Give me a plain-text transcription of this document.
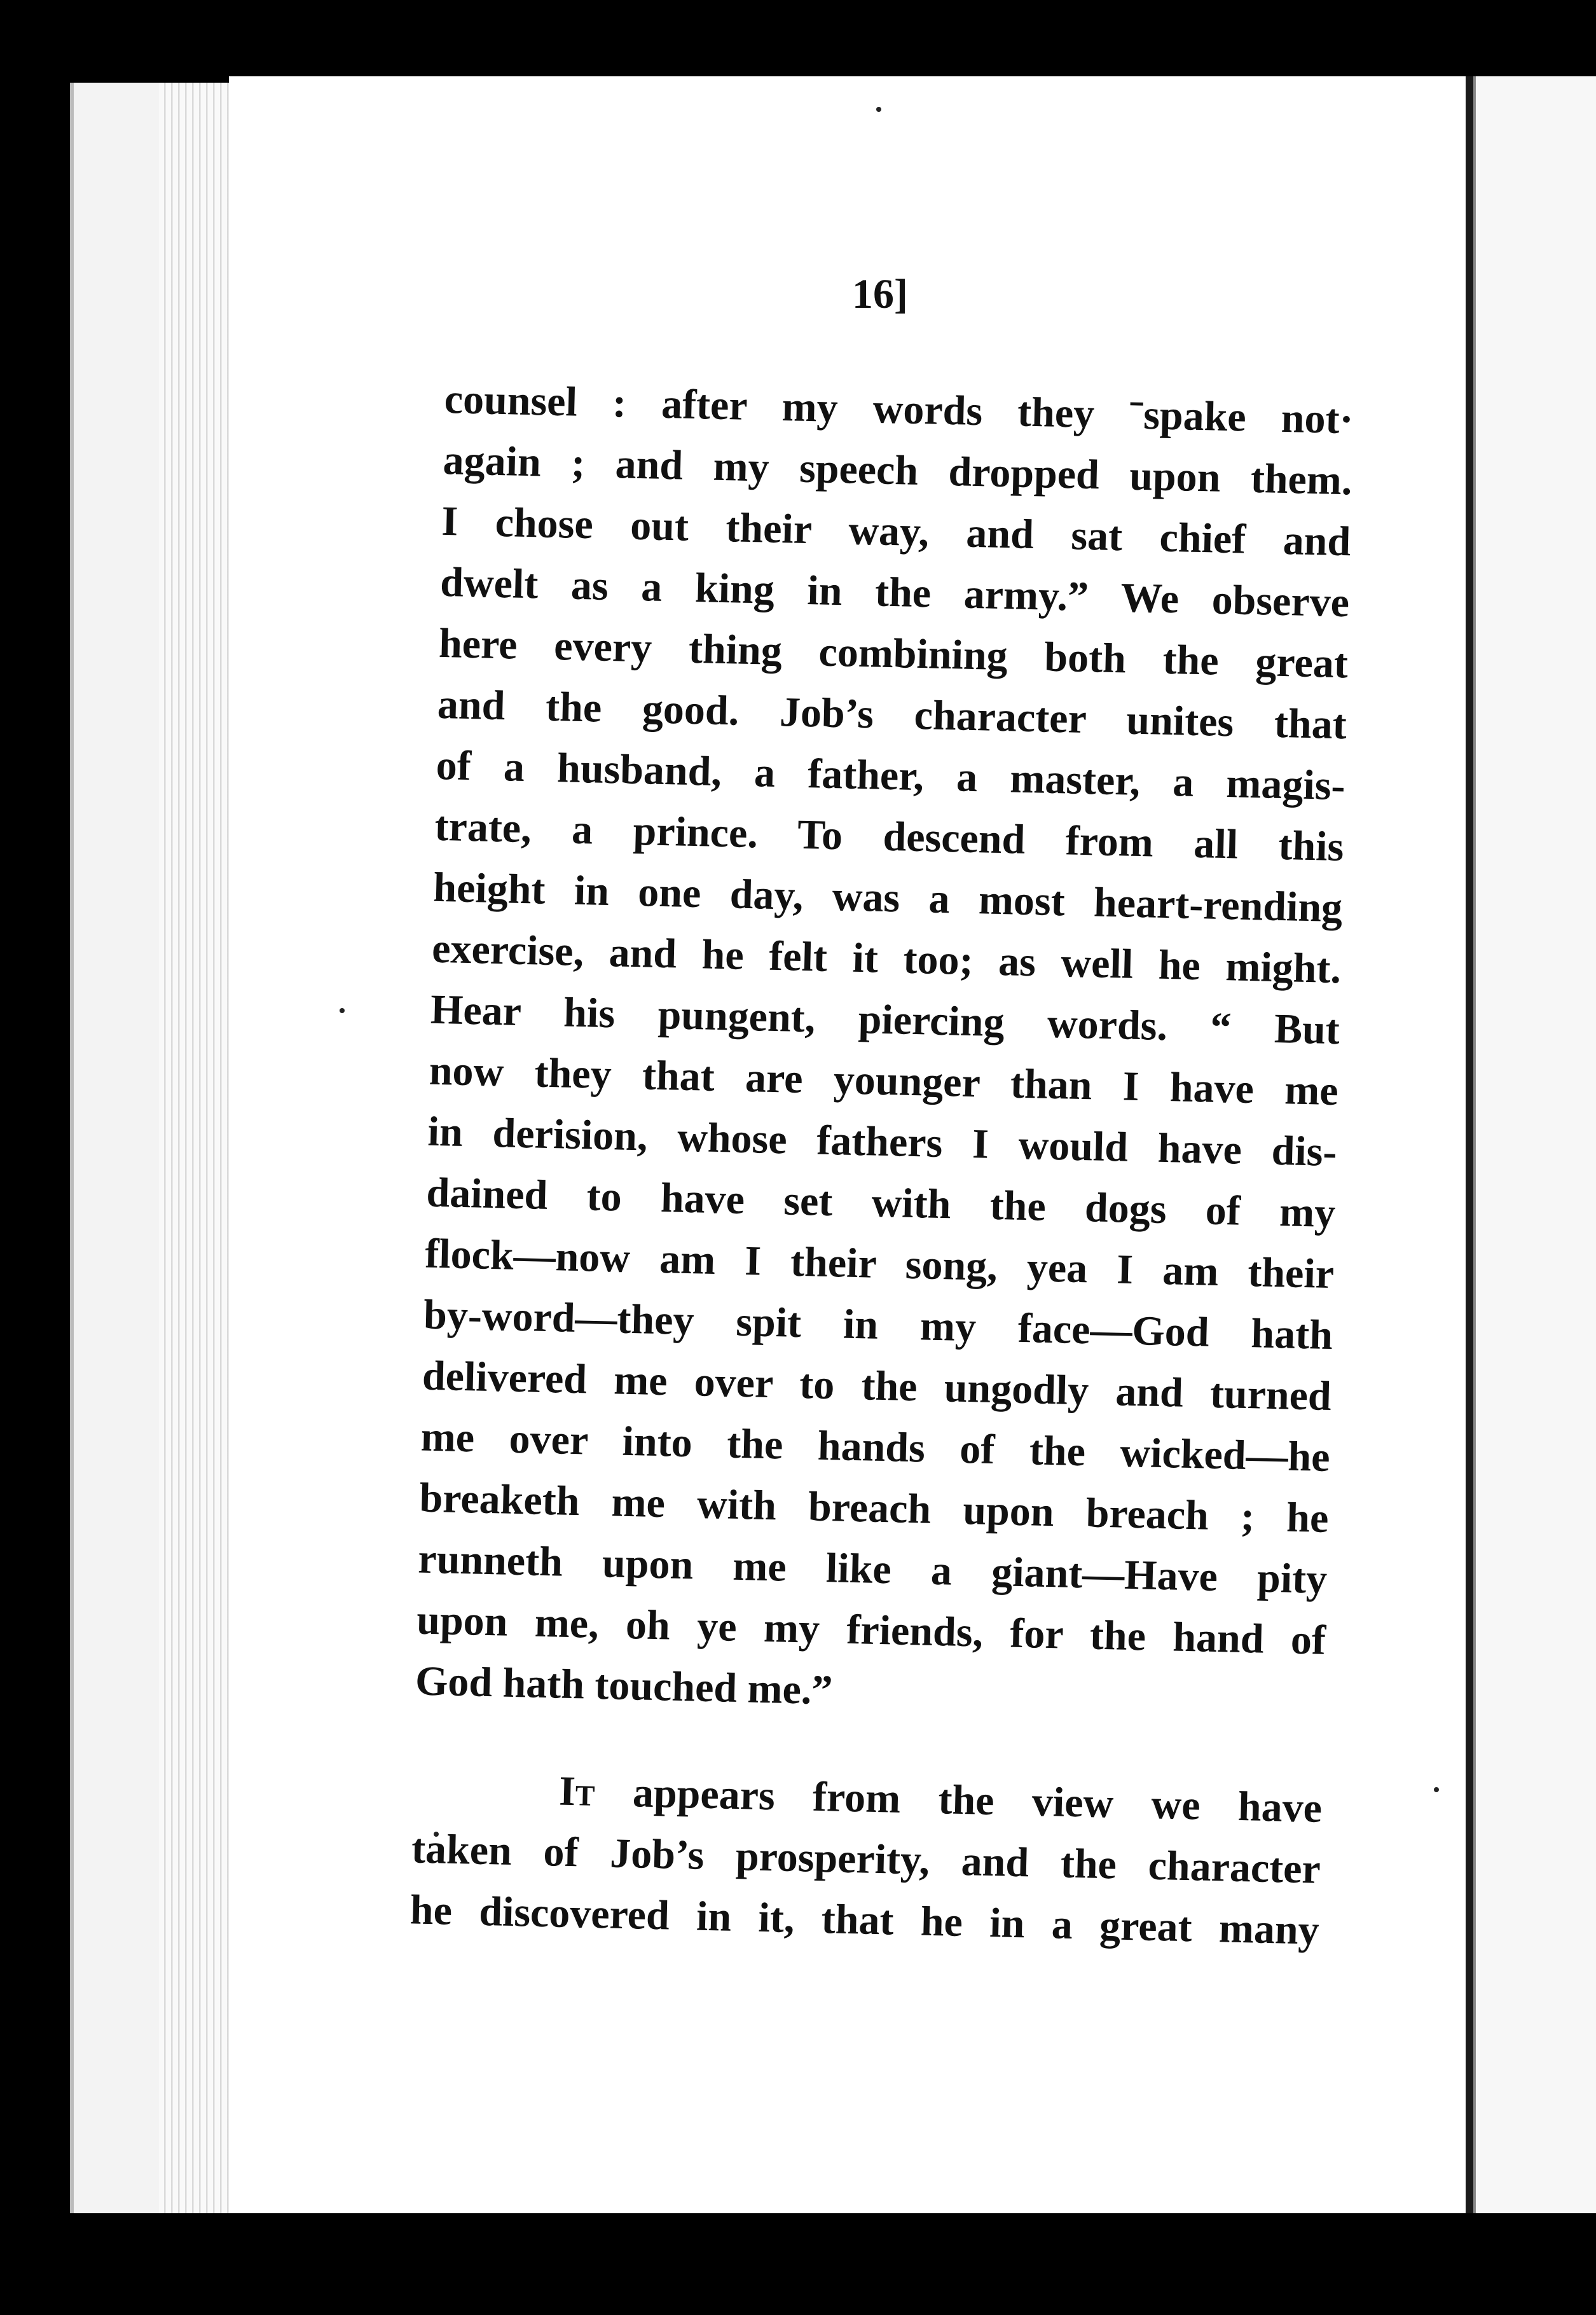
16]
counsel : after my words they ˉspake not·
again ; and my speech dropped upon them.
I chose out their way, and sat chief and
dwelt as a king in the army.” We observe
here every thing combining both the great
and the good. Job’s character unites that
of a husband, a father, a master, a magis-
trate, a prince. To descend from all this
height in one day, was a most heart-rending
exercise, and he felt it too; as well he might.
Hear his pungent, piercing words. “ But
now they that are younger than I have me
in derision, whose fathers I would have dis-
dained to have set with the dogs of my
flock—now am I their song, yea I am their
by-word—they spit in my face—God hath
delivered me over to the ungodly and turned
me over into the hands of the wicked—he
breaketh me with breach upon breach ; he
runneth upon me like a giant—Have pity
upon me, oh ye my friends, for the hand of
God hath touched me.”
It appears from the view we have
taken of Job’s prosperity, and the character
he discovered in it, that he in a great many
